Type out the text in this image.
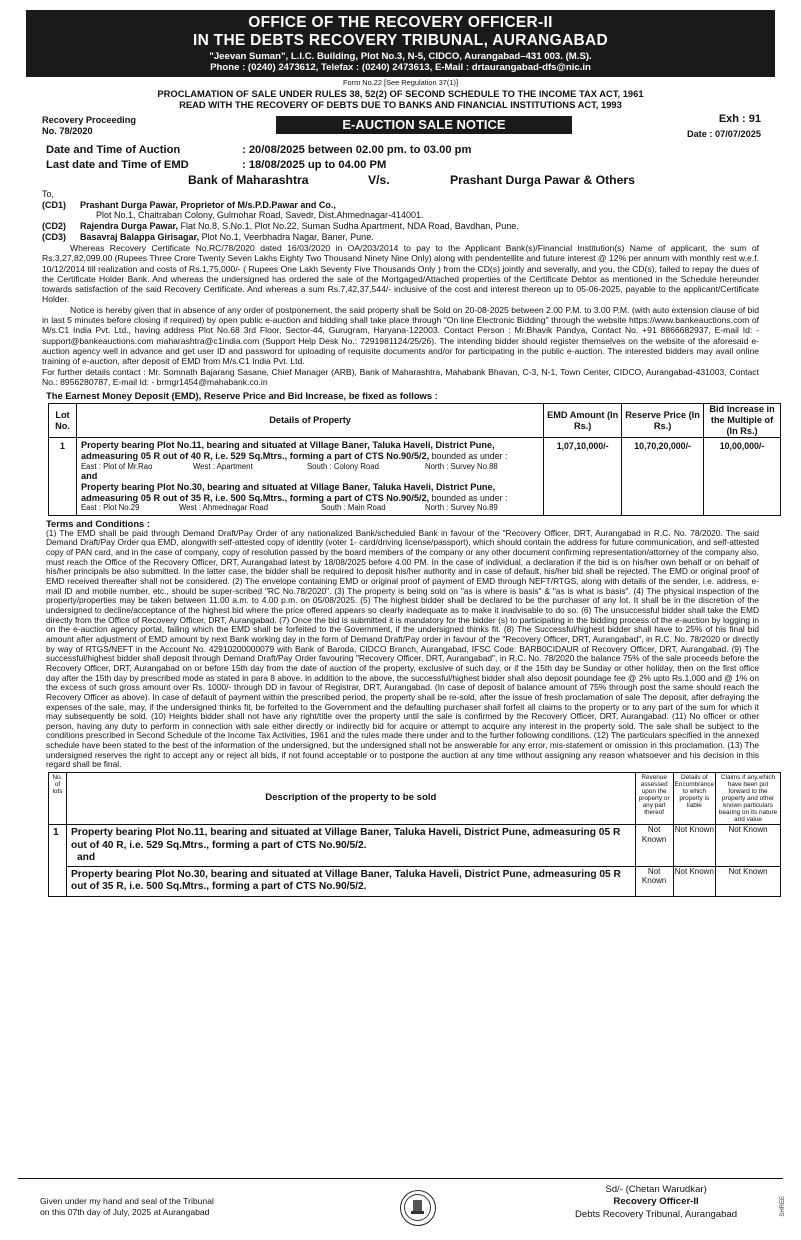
OFFICE OF THE RECOVERY OFFICER-II
IN THE DEBTS RECOVERY TRIBUNAL, AURANGABAD
"Jeevan Suman", L.I.C. Building, Plot No.3, N-5, CIDCO, Aurangabad–431 003. (M.S).
Phone : (0240) 2473612, Telefax : (0240) 2473613, E-Mail : drtaurangabad-dfs@nic.in
Form No.22 [See Regulation 37(1)]
PROCLAMATION OF SALE UNDER RULES 38, 52(2) OF SECOND SCHEDULE TO THE INCOME TAX ACT, 1961
READ WITH THE RECOVERY OF DEBTS DUE TO BANKS AND FINANCIAL INSTITUTIONS ACT, 1993
Recovery Proceeding
No. 78/2020	E-AUCTION SALE NOTICE	Exh : 91
Date : 07/07/2025
Date and Time of Auction	: 20/08/2025 between 02.00 pm. to 03.00 pm
Last date and Time of EMD	: 18/08/2025 up to 04.00 PM
Bank of Maharashtra	V/s.	Prashant Durga Pawar & Others
To,
(CD1) Prashant Durga Pawar, Proprietor of M/s.P.D.Pawar and Co.,
Plot No.1, Chaitraban Colony, Gulmohar Road, Savedr, Dist.Ahmednagar-414001.
(CD2) Rajendra Durga Pawar, Flat No.8, S.No.1, Plot No.22, Suman Sudha Apartment, NDA Road, Bavdhan, Pune.
(CD3) Basavraj Balappa Girisagar, Plot No.1, Veerbhadra Nagar, Baner, Pune.

Whereas Recovery Certificate No.RC/78/2020 dated 16/03/2020 in OA/203/2014 to pay to the Applicant Bank(s)/Financial Institution(s) Name of applicant, the sum of Rs.3,27,82,099.00 (Rupees Three Crore Twenty Seven Lakhs Eighty Two Thousand Ninety Nine Only) along with pendentellite and future interest @ 12% per annum with monthly rest w.e.f. 10/12/2014 till realization and costs of Rs.1,75,000/- ( Rupees One Lakh Seventy Five Thousands Only ) from the CD(s) jointly and severally, and you, the CD(s), failed to repay the dues of the Certificate Holder Bank. And whereas the undersigned has ordered the sale of the Mortgaged/Attached properties of the Certificate Debtor as mentioned in the Schedule hereunder towards satisfaction of the said Recovery Certificate. And whereas a sum Rs.7,42,37,544/- inclusive of the cost and interest thereon up to 05-06-2025, payable to the applicant/Certificate Holder.

Notice is hereby given that in absence of any order of postponement, the said property shall be Sold on 20-08-2025 between 2.00 P.M. to 3.00 P.M. (with auto extension clause of bid in last 5 minutes before closing if required) by open public e-auction and bidding shall take place through "On line Electronic Bidding" through the website https://www.bankeauctions.com of M/s.C1 India Pvt. Ltd., having address Plot No.68 3rd Floor, Sector-44, Gurugram, Haryana-122003. Contact Person : Mr.Bhavik Pandya, Contact No. +91 8866682937, E-mail Id: - support@bankeauctions.com maharashtra@c1india.com (Support Help Desk No.: 7291981124/25/26). The intending bidder should register themselves on the website of the aforesaid e-auction agency well in advance and get user ID and password for uploading of requisite documents and/or for participating in the public e-auction. The interested bidders may avail online training of e-auction, after deposit of EMD from M/s.C1 India Pvt. Ltd.

For further details contact : Mr. Somnath Bajarang Sasane, Chief Manager (ARB), Bank of Maharashtra, Mahabank Bhavan, C-3, N-1, Town Center, CIDCO, Aurangabad-431003, Contact No.: 8956280787, E-mail Id: - brmgr1454@mahabank.co.in

The Earnest Money Deposit (EMD), Reserve Price and Bid Increase, be fixed as follows :
Lot No.	Details of Property	EMD Amount (In Rs.)	Reserve Price (In Rs.)	Bid Increase in the Multiple of (In Rs.)
1	Property bearing Plot No.11, bearing and situated at Village Baner, Taluka Haveli, District Pune, admeasuring 05 R out of 40 R, i.e. 529 Sq.Mtrs., forming a part of CTS No.90/5/2, bounded as under :
East : Plot of Mr.Rao West : Apartment South : Colony Road North : Survey No.88
and
Property bearing Plot No.30, bearing and situated at Village Baner, Taluka Haveli, District Pune, admeasuring 05 R out of 35 R, i.e. 500 Sq.Mtrs., forming a part of CTS No.90/5/2, bounded as under :
East : Plot No.29 West : Ahmednagar Road South : Main Road North : Survey No.89	1,07,10,000/-	10,70,20,000/-	10,00,000/-
Terms and Conditions :

(1) The EMD shall be paid through Demand Draft/Pay Order of any nationalized Bank/scheduled Bank in favour of the "Recovery Officer, DRT, Aurangabad in R.C. No. 78/2020. The said Demand Draft/Pay Order qua EMD, alongwith self-attested copy of identity (voter 1- card/driving license/passport), which should contain the address for future communication, and self-attested copy of PAN card, and in the case of company, copy of resolution passed by the board members of the company or any other document confirming representation/attorney of the company also, must reach the Office of the Recovery Officer, DRT, Aurangabad latest by 18/08/2025 before 4.00 PM. In the case of individual, a declaration if the bid is on his/her own behalf or on behalf of his/her principals be also submitted. In the latter case, the bidder shall be required to deposit his/her authority and in case of default, his/her bid shall be rejected. The EMD or original proof of EMD received thereafter shall not be considered. (2) The envelope containing EMD or original proof of payment of EMD through NEFT/RTGS, along with details of the sender, i.e. address, e-mail ID and mobile number, etc., should be super-scribed "RC No.78/2020". (3) The property is being sold on "as is where is basis" & "as is what is basis". (4) The physical inspection of the property/properties may be taken between 11.00 a.m. to 4.00 p.m. on 05/08/2025. (5) The highest bidder shall be declared to be the purchaser of any lot. It shall be in the discretion of the undersigned to decline/acceptance of the highest bid where the price offered appears so clearly inadequate as to make it inadvisable to do so. (6) The unsuccessful bidder shall take the EMD directly from the Office of Recovery Officer, DRT, Aurangabad. (7) Once the bid is submitted it is mandatory for the bidder (s) to participating in the bidding process of the e-auction by logging in on the e-auction agency portal, failing which the EMD shall be forfeited to the Government, if the undersigned thinks fit. (8) The Successful/highest bidder shall have to 25% of his final bid amount after adjustment of EMD amount by next Bank working day in the form of Demand Draft/Pay order in favour of the "Recovery Officer, DRT, Aurangabad", in R.C. No. 78/2020 or directly by way of RTGS/NEFT in the Account No. 42910200000079 with Bank of Baroda, CIDCO Branch, Aurangabad, IFSC Code: BARB0CIDAUR of Recovery Officer, DRT, Aurangabad. (9) The successful/highest bidder shall deposit through Demand Draft/Pay Order favouring "Recovery Officer, DRT, Aurangabad", in R.C. No. 78/2020 the balance 75% of the sale proceeds before the Recovery Officer, DRT, Aurangabad on or before 15th day from the date of auction of the property, exclusive of such day, or if the 15th day be Sunday or other holiday, then on the first office day after the 15th day by prescribed mode as stated in para 8 above. In addition to the above, the successful/highest bidder shall also deposit poundage fee @ 2% upto Rs.1,000 and @ 1% on the excess of such gross amount over Rs. 1000/- through DD in favour of Registrar, DRT, Aurangabad. (In case of deposit of balance amount of 75% through post the same should reach the Recovery Officer as above). In case of default of payment within the prescribed period, the property shall be re-sold, after the issue of fresh proclamation of sale The deposit, after defraying the expenses of the sale, may, if the undersigned thinks fit, be forfeited to the Government and the defaulting purchaser shall forfeit all claims to the property or to any part of the sum for which it may subsequently be sold. (10) Heights bidder shall not have any right/title over the property until the sale is confirmed by the Recovery Officer, DRT, Aurangabad. (11) No officer or other person, having any duty to perform in connection with sale either directly or indirectly bid for acquire or attempt to acquire any interest in the property sold. The sale shall be subject to the conditions prescribed in Second Schedule of the Income Tax Activities, 1961 and the rules made there under and to the further following conditions. (12) The particulars specified in the annexed schedule have been stated to the best of the information of the undersigned, but the undersigned shall not be answerable for any error, mis-statement or omission in this proclamation. (13) The undersigned reserves the right to accept any or reject all bids, if not found acceptable or to postpone the auction at any time without assigning any reason whatsoever and his decision in this regard shall be final.

No. of lots	Description of the property to be sold	Revenue assessed upon the property or any part thereof	Details of Encumbrance to which property is liable	Claims if any,which have been put forward to the property and other known particulars bearing on its nature and value
1	Property bearing Plot No.11, bearing and situated at Village Baner, Taluka Haveli, District Pune, admeasuring 05 R out of 40 R, i.e. 529 Sq.Mtrs., forming a part of CTS No.90/5/2.
and	Not Known	Not Known	Not Known
	Property bearing Plot No.30, bearing and situated at Village Baner, Taluka Haveli, District Pune, admeasuring 05 R out of 35 R, i.e. 500 Sq.Mtrs., forming a part of CTS No.90/5/2.	Not Known	Not Known	Not Known
Given under my hand and seal of the Tribunal
on this 07th day of July, 2025 at Aurangabad
Sd/- (Chetan Warudkar)
Recovery Officer-II
Debts Recovery Tribunal, Aurangabad	SHREE
